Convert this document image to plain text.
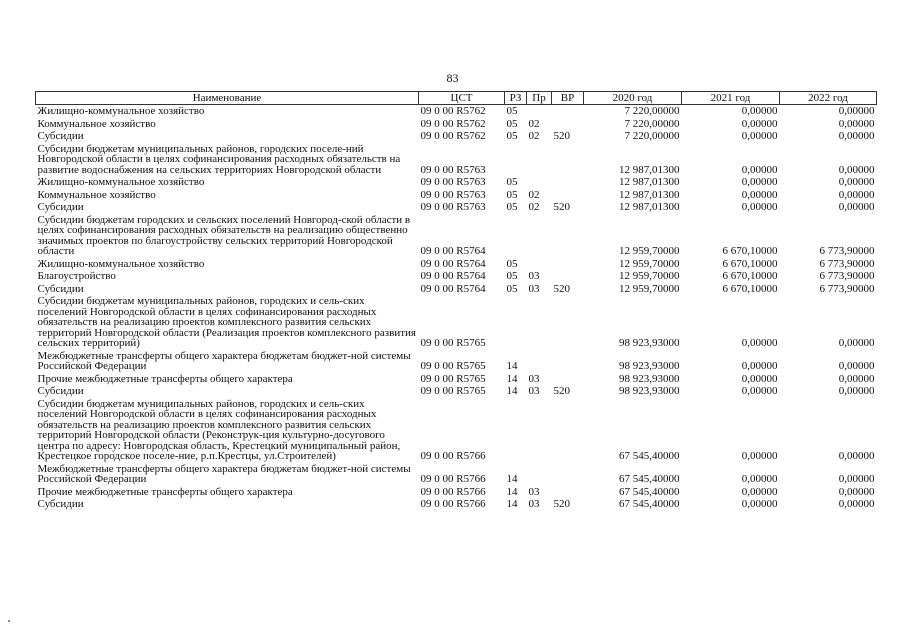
83
Наименование	ЦСТ	РЗ	Пр	ВР	2020 год	2021 год	2022 год
Жилищно-коммунальное хозяйство	09 0 00 R5762	05			7 220,00000	0,00000	0,00000
Коммунальное хозяйство	09 0 00 R5762	05	02		7 220,00000	0,00000	0,00000
Субсидии	09 0 00 R5762	05	02	520	7 220,00000	0,00000	0,00000
Субсидии бюджетам муниципальных районов, городских поселе-ний Новгородской области в целях софинансирования расходных обязательств на развитие водоснабжения на сельских территориях Новгородской области	09 0 00 R5763				12 987,01300	0,00000	0,00000
Жилищно-коммунальное хозяйство	09 0 00 R5763	05			12 987,01300	0,00000	0,00000
Коммунальное хозяйство	09 0 00 R5763	05	02		12 987,01300	0,00000	0,00000
Субсидии	09 0 00 R5763	05	02	520	12 987,01300	0,00000	0,00000
Субсидии бюджетам городских и сельских поселений Новгород-ской области в целях софинансирования расходных обязательств на реализацию общественно значимых проектов по благоустройству сельских территорий Новгородской области	09 0 00 R5764				12 959,70000	6 670,10000	6 773,90000
Жилищно-коммунальное хозяйство	09 0 00 R5764	05			12 959,70000	6 670,10000	6 773,90000
Благоустройство	09 0 00 R5764	05	03		12 959,70000	6 670,10000	6 773,90000
Субсидии	09 0 00 R5764	05	03	520	12 959,70000	6 670,10000	6 773,90000
Субсидии бюджетам муниципальных районов, городских и сель-ских поселений Новгородской области в целях софинансирования расходных обязательств на реализацию проектов комплексного развития сельских территорий Новгородской области (Реализация проектов комплексного развития сельских территорий)	09 0 00 R5765				98 923,93000	0,00000	0,00000
Межбюджетные трансферты общего характера бюджетам бюджет-ной системы Российской Федерации	09 0 00 R5765	14			98 923,93000	0,00000	0,00000
Прочие межбюджетные трансферты общего характера	09 0 00 R5765	14	03		98 923,93000	0,00000	0,00000
Субсидии	09 0 00 R5765	14	03	520	98 923,93000	0,00000	0,00000
Субсидии бюджетам муниципальных районов, городских и сель-ских поселений Новгородской области в целях софинансирования расходных обязательств на реализацию проектов комплексного развития сельских территорий Новгородской области (Реконструк-ция культурно-досугового центра по адресу: Новгородская область, Крестецкий муниципальный район, Крестецкое городское поселе-ние, р.п.Крестцы, ул.Строителей)	09 0 00 R5766				67 545,40000	0,00000	0,00000
Межбюджетные трансферты общего характера бюджетам бюджет-ной системы Российской Федерации	09 0 00 R5766	14			67 545,40000	0,00000	0,00000
Прочие межбюджетные трансферты общего характера	09 0 00 R5766	14	03		67 545,40000	0,00000	0,00000
Субсидии	09 0 00 R5766	14	03	520	67 545,40000	0,00000	0,00000
